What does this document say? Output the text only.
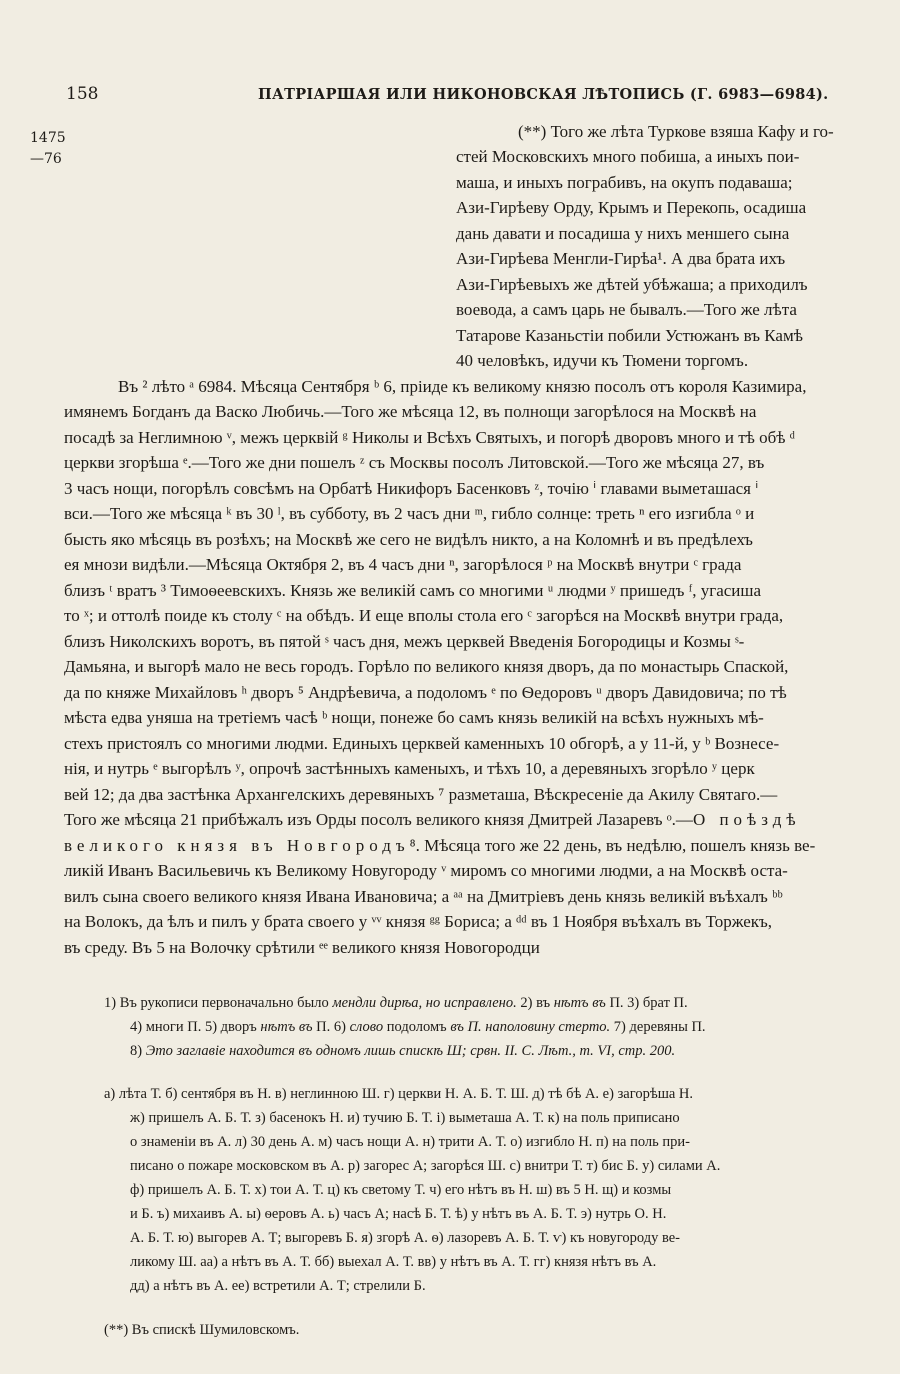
158	ПАТРІАРШАЯ ИЛИ НИКОНОВСКАЯ ЛѢТОПИСЬ (Г. 6983—6984).
1475
—76
(**) Того же лѣта Турковe взяша Кафу и го-
стей Московскихъ много побиша, а иныхъ пои-
маша, и иныхъ пограбивъ, на окупъ подаваша;
Ази-Гирѣеву Орду, Крымъ и Перекопь, осадиша
дань давати и посадиша у нихъ меншего сына
Ази-Гирѣева Менгли-Гирѣа¹. А два брата ихъ
Ази-Гирѣевыхъ же дѣтей убѣжаша; а приходилъ
воевода, а самъ царь не бывалъ.—Того же лѣта
Татарове Казаньстіи побили Устюжанъ въ Камѣ
40 человѣкъ, идучи къ Тюмени торгомъ.
Въ ² лѣто ᵃ 6984. Мѣсяца Сентября ᵇ 6, пріиде къ великому князю посолъ отъ короля Казимира,
имянемъ Богданъ да Васко Любичь.—Того же мѣсяца 12, въ полнощи загорѣлося на Москвѣ на
посадѣ за Неглимною ᵛ, межъ церквій ᵍ Николы и Всѣхъ Святыхъ, и погорѣ дворовъ много и тѣ обѣ ᵈ
церкви згорѣша ᵉ.—Того же дни пошелъ ᶻ съ Москвы посолъ Литовской.—Того же мѣсяца 27, въ
3 часъ нощи, погорѣлъ совсѣмъ на Орбатѣ Никифоръ Басенковъ ᶻ, точію ⁱ главами выметашася ⁱ
вси.—Того же мѣсяца ᵏ въ 30 ˡ, въ субботу, въ 2 часъ дни ᵐ, гибло солнце: треть ⁿ его изгибла ᵒ и
бысть яко мѣсяць въ розѣхъ; на Москвѣ же сего не видѣлъ никто, а на Коломнѣ и въ предѣлехъ
ея мнози видѣли.—Мѣсяца Октября 2, въ 4 часъ дни ⁿ, загорѣлося ᵖ на Москвѣ внутри ᶜ града
близъ ᵗ вратъ ³ Тимоѳеевскихъ. Князь же великій самъ со многими ᵘ людми ʸ пришедъ ᶠ, угасиша
то ˣ; и оттолѣ поиде къ столу ᶜ на обѣдъ. И еще вполы стола его ᶜ загорѣся на Москвѣ внутри града,
близъ Николскихъ воротъ, въ пятой ˢ часъ дня, межъ церквей Введенія Богородицы и Козмы ˢ-
Дамьяна, и выгорѣ мало не весь городъ. Горѣло по великого князя дворъ, да по монастырь Спаской,
да по княже Михайловъ ʰ дворъ ⁵ Андрѣевича, а подоломъ ᵉ по Ѳедоровъ ᵘ дворъ Давидовича; по тѣ
мѣста едва уняша на третіемъ часѣ ᵇ нощи, понеже бо самъ князь великій на всѣхъ нужныхъ мѣ-
стехъ пристоялъ со многими людми. Единыхъ церквей каменныхъ 10 обгорѣ, а у 11-й, у ᵇ Вознесе-
нія, и нутрь ᵉ выгорѣлъ ʸ, опрочѣ застѣнныхъ каменыхъ, и тѣхъ 10, а деревяныхъ згорѣло ʸ церк
вей 12; да два застѣнка Архангелскихъ деревяныхъ ⁷ разметаша, Вѣскресеніе да Акилу Святаго.—
Того же мѣсяца 21 прибѣжалъ изъ Орды посолъ великого князя Дмитрей Лазаревъ ᵒ.—О поѣздѣ
великого князя въ Новгородъ⁸. Мѣсяца того же 22 день, въ недѣлю, пошелъ князь ве-
ликій Иванъ Васильевичь къ Великому Новугороду ᵛ миромъ со многими людми, а на Москвѣ оста-
вилъ сына своего великого князя Ивана Ивановича; а ᵃᵃ на Дмитріевъ день князь великій въѣхалъ ᵇᵇ
на Волокъ, да ѣлъ и пилъ у брата своего у ᵛᵛ князя ᵍᵍ Бориса; а ᵈᵈ въ 1 Ноября въѣхалъ въ Торжекъ,
въ среду. Въ 5 на Волочку срѣтили ᵉᵉ великого князя Новогородци
1) Въ рукописи первоначально было мендли дирѣа, но исправлено. 2) въ нѣтъ въ П. 3) брат П.
4) многи П. 5) дворъ нѣтъ въ П. 6) слово подоломъ въ П. наполовину стерто. 7) деревяны П.
8) Это заглавіе находится въ одномъ лишь спискѣ Ш; срвн. II. С. Лѣт., т. VI, стр. 200.
а) лѣта Т. б) сентября въ Н. в) неглинною Ш. г) церкви Н. А. Б. Т. Ш. д) тѣ бѣ А. е) загорѣша Н.
ж) пришелъ А. Б. Т. з) басенокъ Н. и) тучию Б. Т. і) выметаша А. Т. к) на поль приписано
о знаменіи въ А. л) 30 день А. м) часъ нощи А. н) трити А. Т. о) изгибло Н. п) на поль при-
писано о пожаре московском въ А. р) загорес А; загорѣся Ш. с) внитри Т. т) бис Б. у) силами А.
ф) пришелъ А. Б. Т. х) тои А. Т. ц) къ светому Т. ч) его нѣтъ въ Н. ш) въ 5 Н. щ) и козмы
и Б. ъ) михаивъ А. ы) ѳеровъ А. ь) часъ А; насѣ Б. Т. ѣ) у нѣтъ въ А. Б. Т. э) нутрь О. Н.
А. Б. Т. ю) выгорев А. Т; выгоревъ Б. я) згорѣ А. ѳ) лазоревъ А. Б. Т. ѵ) къ новугороду ве-
ликому Ш. аа) а нѣтъ въ А. Т. бб) выехал А. Т. вв) у нѣтъ въ А. Т. гг) князя нѣтъ въ А.
дд) а нѣтъ въ А. ее) встретили А. Т; стрелили Б.
(**) Въ спискѣ Шумиловскомъ.
